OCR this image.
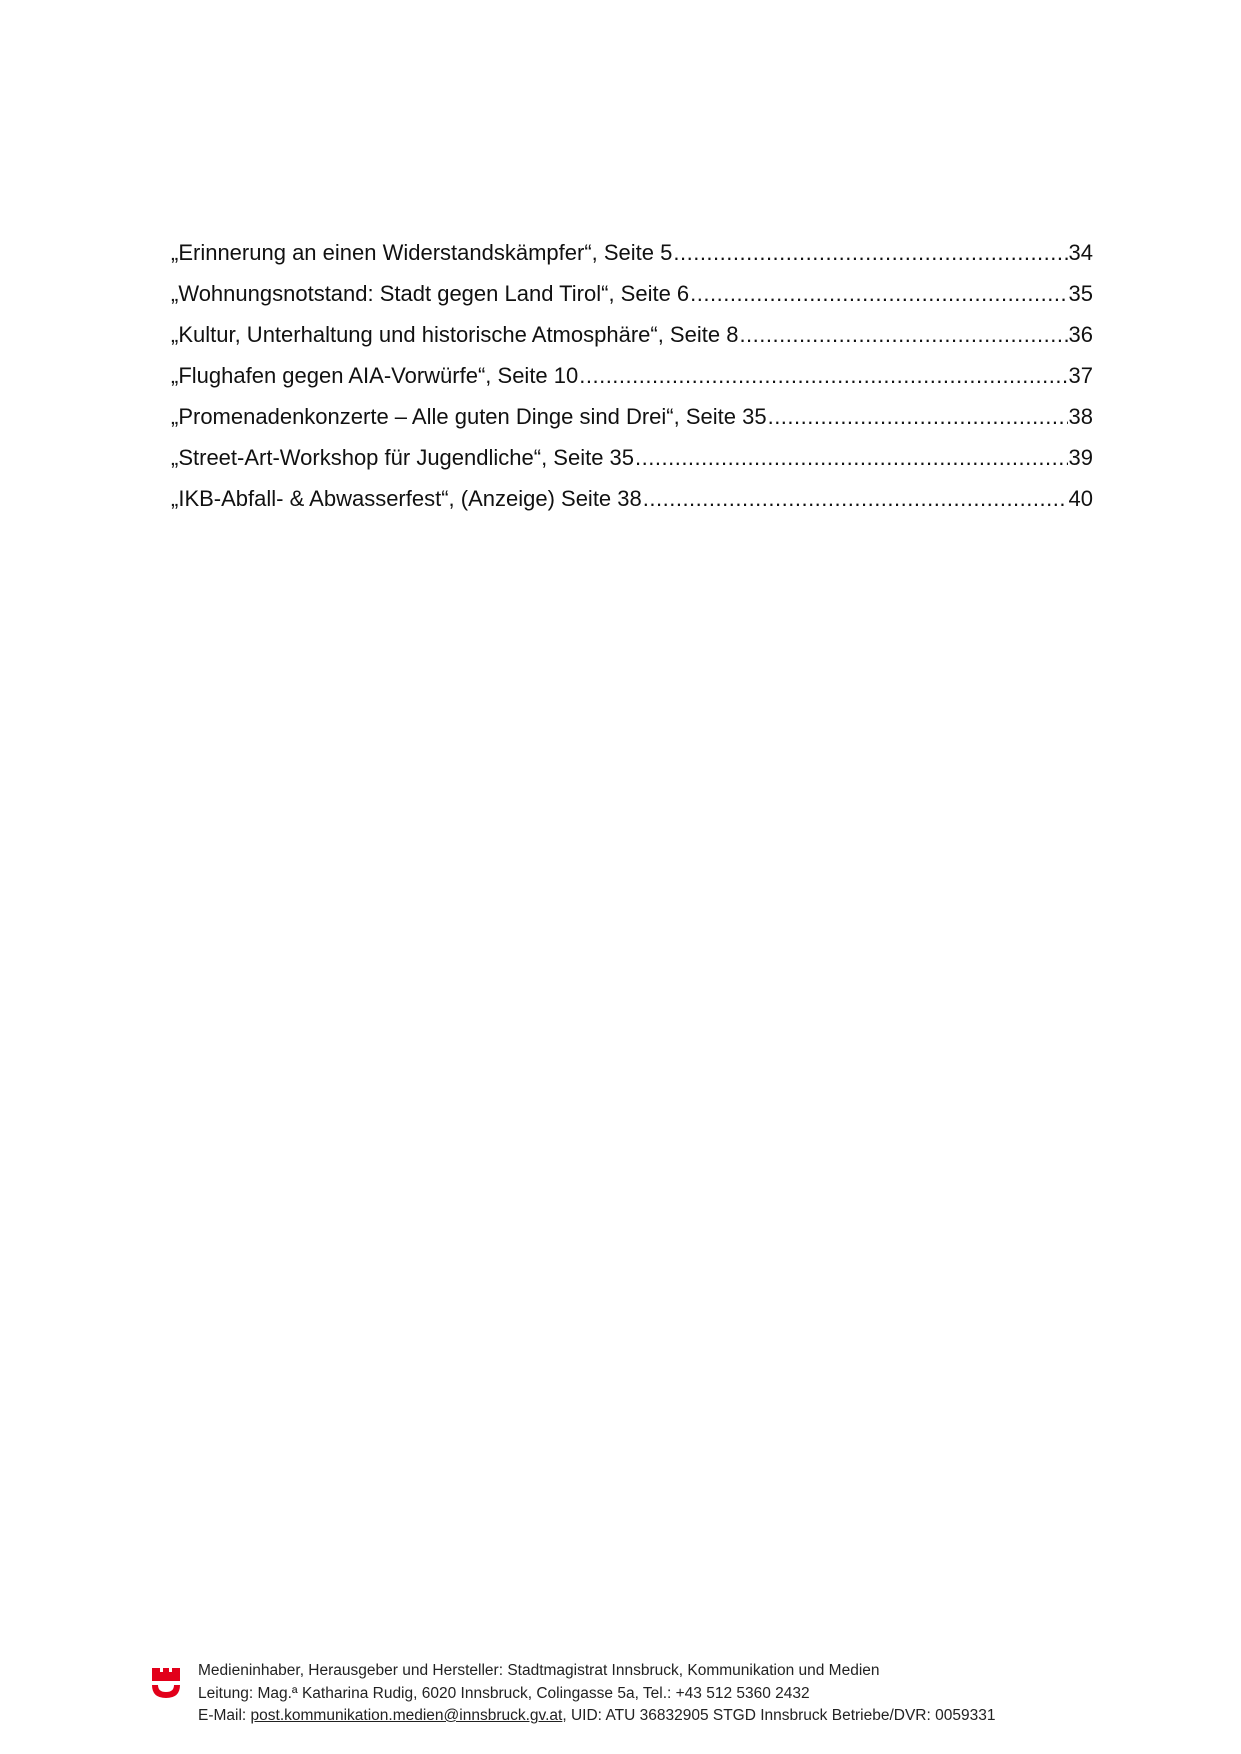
„Erinnerung an einen Widerstandskämpfer“, Seite 5 .....	34
„Wohnungsnotstand: Stadt gegen Land Tirol“, Seite 6 .....	35
„Kultur, Unterhaltung und historische Atmosphäre“, Seite 8 .....	36
„Flughafen gegen AIA-Vorwürfe“, Seite 10 .....	37
„Promenadenkonzerte – Alle guten Dinge sind Drei“, Seite 35 .....	38
„Street-Art-Workshop für Jugendliche“, Seite 35 .....	39
„IKB-Abfall- & Abwasserfest“, (Anzeige) Seite 38 .....	40
Medieninhaber, Herausgeber und Hersteller: Stadtmagistrat Innsbruck, Kommunikation und Medien
Leitung: Mag.ª Katharina Rudig, 6020 Innsbruck, Colingasse 5a, Tel.: +43 512 5360 2432
E-Mail: post.kommunikation.medien@innsbruck.gv.at, UID: ATU 36832905 STGD Innsbruck Betriebe/DVR: 0059331
